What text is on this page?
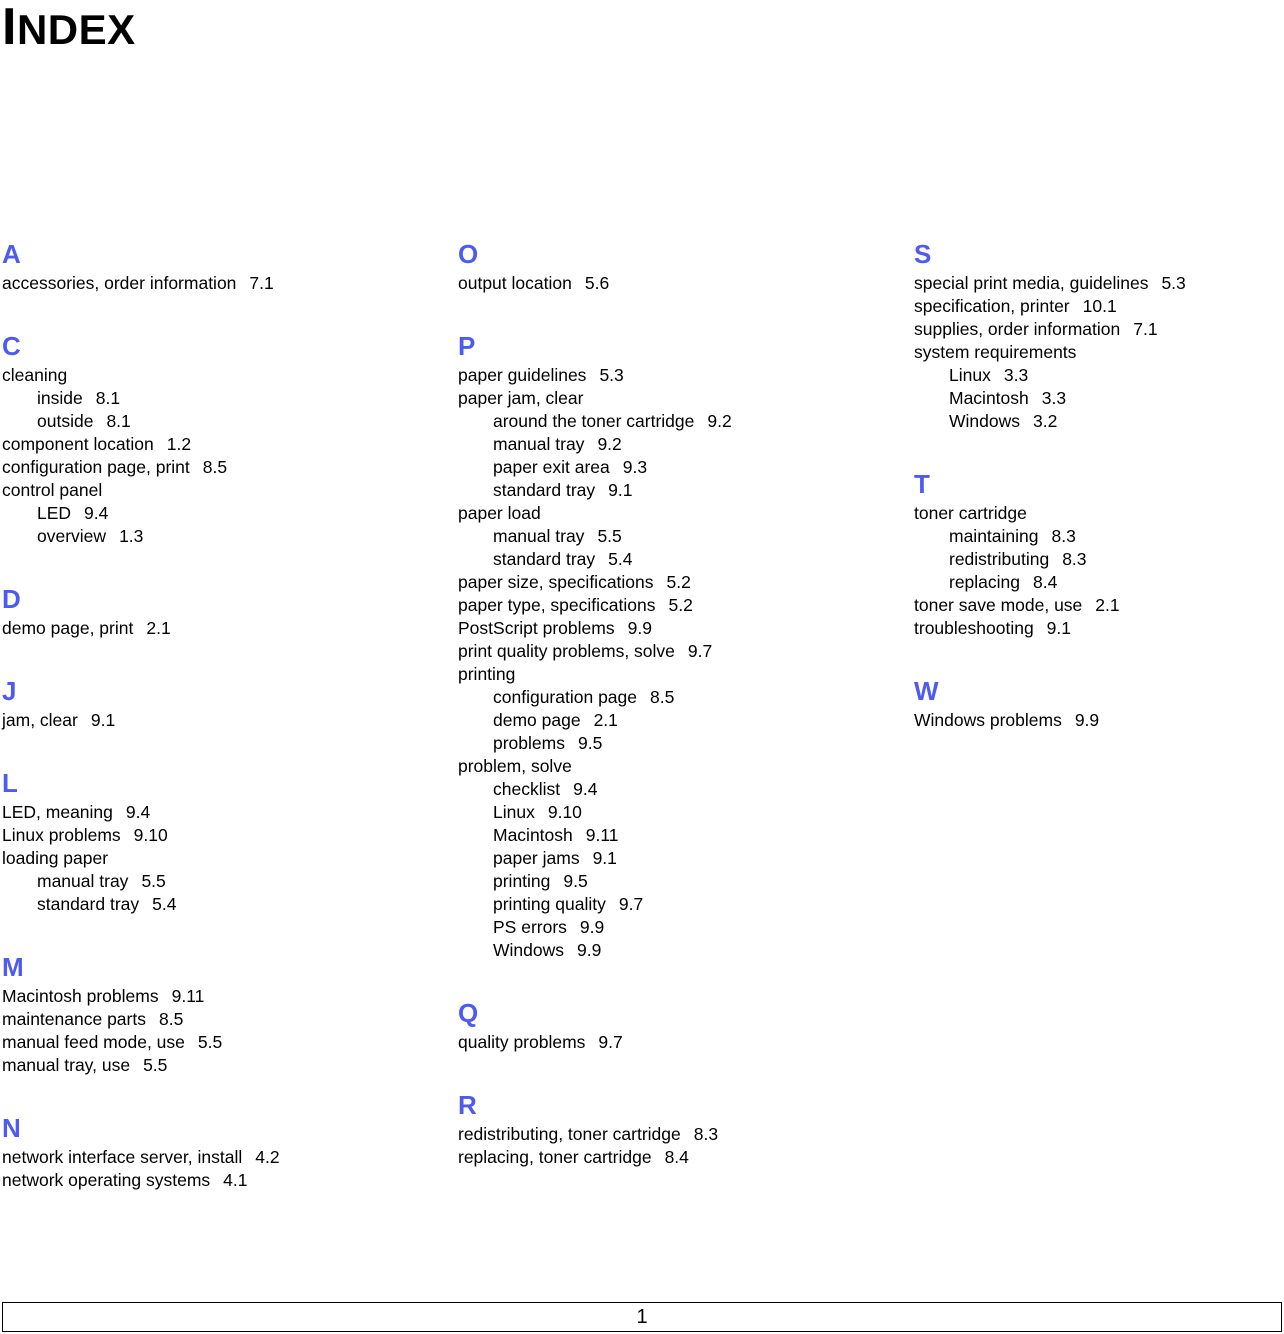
INDEX
A
accessories, order information 7.1
C
cleaning
inside 8.1
outside 8.1
component location 1.2
configuration page, print 8.5
control panel
LED 9.4
overview 1.3
D
demo page, print 2.1
J
jam, clear 9.1
L
LED, meaning 9.4
Linux problems 9.10
loading paper
manual tray 5.5
standard tray 5.4
M
Macintosh problems 9.11
maintenance parts 8.5
manual feed mode, use 5.5
manual tray, use 5.5
N
network interface server, install 4.2
network operating systems 4.1
O
output location 5.6
P
paper guidelines 5.3
paper jam, clear
around the toner cartridge 9.2
manual tray 9.2
paper exit area 9.3
standard tray 9.1
paper load
manual tray 5.5
standard tray 5.4
paper size, specifications 5.2
paper type, specifications 5.2
PostScript problems 9.9
print quality problems, solve 9.7
printing
configuration page 8.5
demo page 2.1
problems 9.5
problem, solve
checklist 9.4
Linux 9.10
Macintosh 9.11
paper jams 9.1
printing 9.5
printing quality 9.7
PS errors 9.9
Windows 9.9
Q
quality problems 9.7
R
redistributing, toner cartridge 8.3
replacing, toner cartridge 8.4
S
special print media, guidelines 5.3
specification, printer 10.1
supplies, order information 7.1
system requirements
Linux 3.3
Macintosh 3.3
Windows 3.2
T
toner cartridge
maintaining 8.3
redistributing 8.3
replacing 8.4
toner save mode, use 2.1
troubleshooting 9.1
W
Windows problems 9.9
1
